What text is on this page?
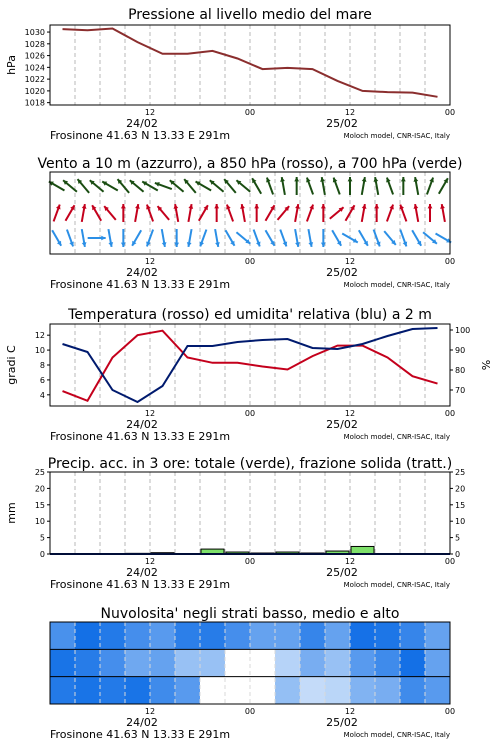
Pressione al livello medio del mare
1018
1020
1022
1024
1026
1028
1030
hPa
12	00	12	00
24/02	25/02
Frosinone 41.63 N 13.33 E 291m	Moloch model, CNR-ISAC, Italy
Vento a 10 m (azzurro), a 850 hPa (rosso), a 700 hPa (verde)
12	00	12	00
24/02	25/02
Frosinone 41.63 N 13.33 E 291m	Moloch model, CNR-ISAC, Italy
Temperatura (rosso) ed umidita' relativa (blu) a 2 m
4
6
8
10
12
70
80
90
100
gradi C	%
12	00	12	00
24/02	25/02
Frosinone 41.63 N 13.33 E 291m	Moloch model, CNR-ISAC, Italy
Precip. acc. in 3 ore: totale (verde), frazione solida (tratt.)
0
5
10
15
20
25
0
5
10
15
20
25
mm
12	00	12	00
24/02	25/02
Frosinone 41.63 N 13.33 E 291m	Moloch model, CNR-ISAC, Italy
Nuvolosita' negli strati basso, medio e alto
12	00	12	00
24/02	25/02
Frosinone 41.63 N 13.33 E 291m	Moloch model, CNR-ISAC, Italy
